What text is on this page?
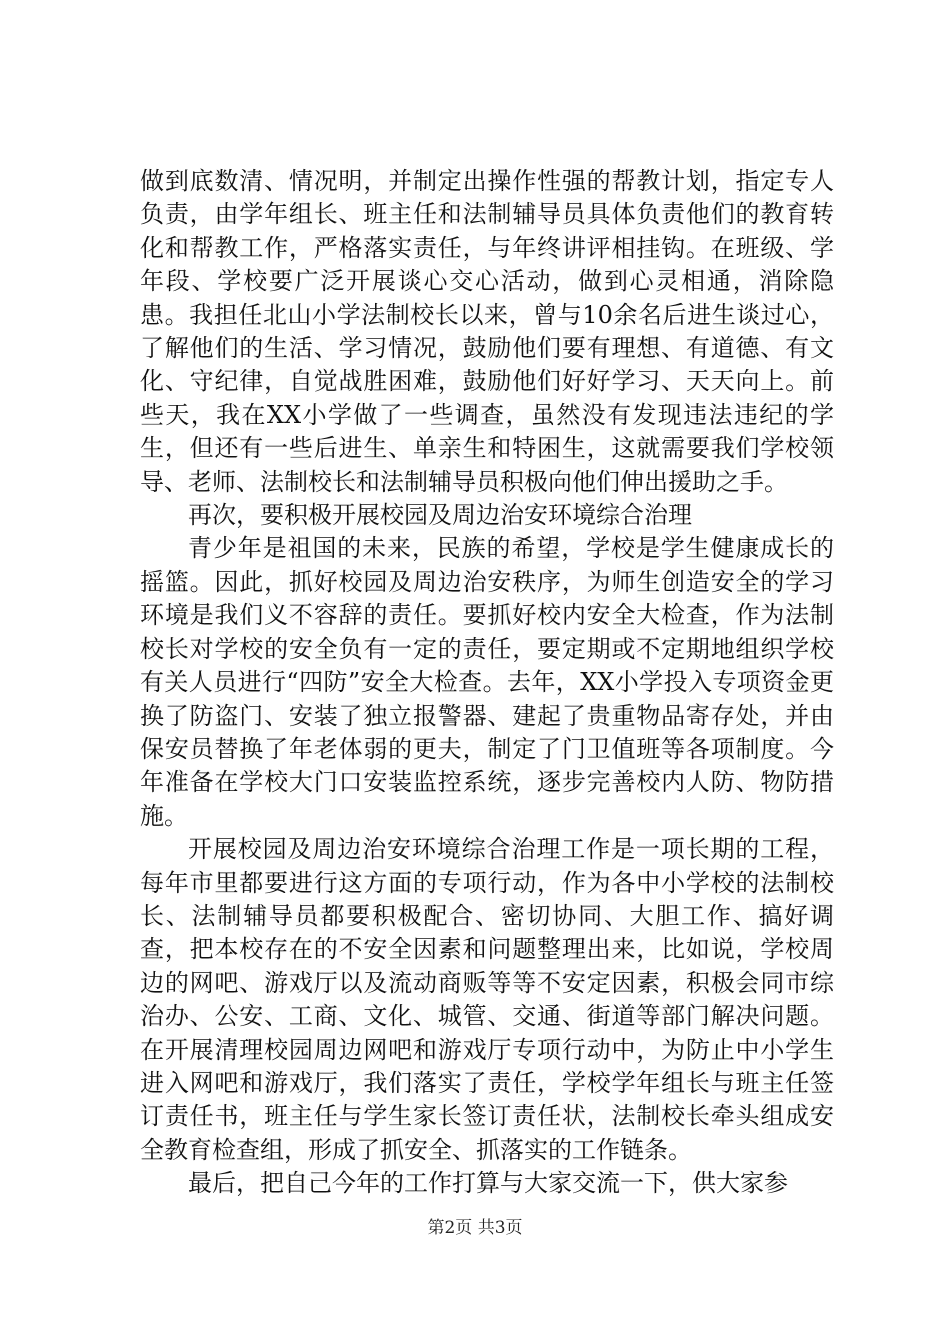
做到底数清、情况明，并制定出操作性强的帮教计划，指定专人负责，由学年组长、班主任和法制辅导员具体负责他们的教育转化和帮教工作，严格落实责任，与年终讲评相挂钩。在班级、学年段、学校要广泛开展谈心交心活动，做到心灵相通，消除隐患。我担任北山小学法制校长以来，曾与10余名后进生谈过心，了解他们的生活、学习情况，鼓励他们要有理想、有道德、有文化、守纪律，自觉战胜困难，鼓励他们好好学习、天天向上。前些天，我在XX小学做了一些调查，虽然没有发现违法违纪的学生，但还有一些后进生、单亲生和特困生，这就需要我们学校领导、老师、法制校长和法制辅导员积极向他们伸出援助之手。

再次，要积极开展校园及周边治安环境综合治理

青少年是祖国的未来，民族的希望，学校是学生健康成长的摇篮。因此，抓好校园及周边治安秩序，为师生创造安全的学习环境是我们义不容辞的责任。要抓好校内安全大检查，作为法制校长对学校的安全负有一定的责任，要定期或不定期地组织学校有关人员进行“四防”安全大检查。去年，XX小学投入专项资金更换了防盗门、安装了独立报警器、建起了贵重物品寄存处，并由保安员替换了年老体弱的更夫，制定了门卫值班等各项制度。今年准备在学校大门口安装监控系统，逐步完善校内人防、物防措施。

开展校园及周边治安环境综合治理工作是一项长期的工程，每年市里都要进行这方面的专项行动，作为各中小学校的法制校长、法制辅导员都要积极配合、密切协同、大胆工作、搞好调查，把本校存在的不安全因素和问题整理出来，比如说，学校周边的网吧、游戏厅以及流动商贩等等不安定因素，积极会同市综治办、公安、工商、文化、城管、交通、街道等部门解决问题。在开展清理校园周边网吧和游戏厅专项行动中，为防止中小学生进入网吧和游戏厅，我们落实了责任，学校学年组长与班主任签订责任书，班主任与学生家长签订责任状，法制校长牵头组成安全教育检查组，形成了抓安全、抓落实的工作链条。

最后，把自己今年的工作打算与大家交流一下，供大家参

第2页 共3页
